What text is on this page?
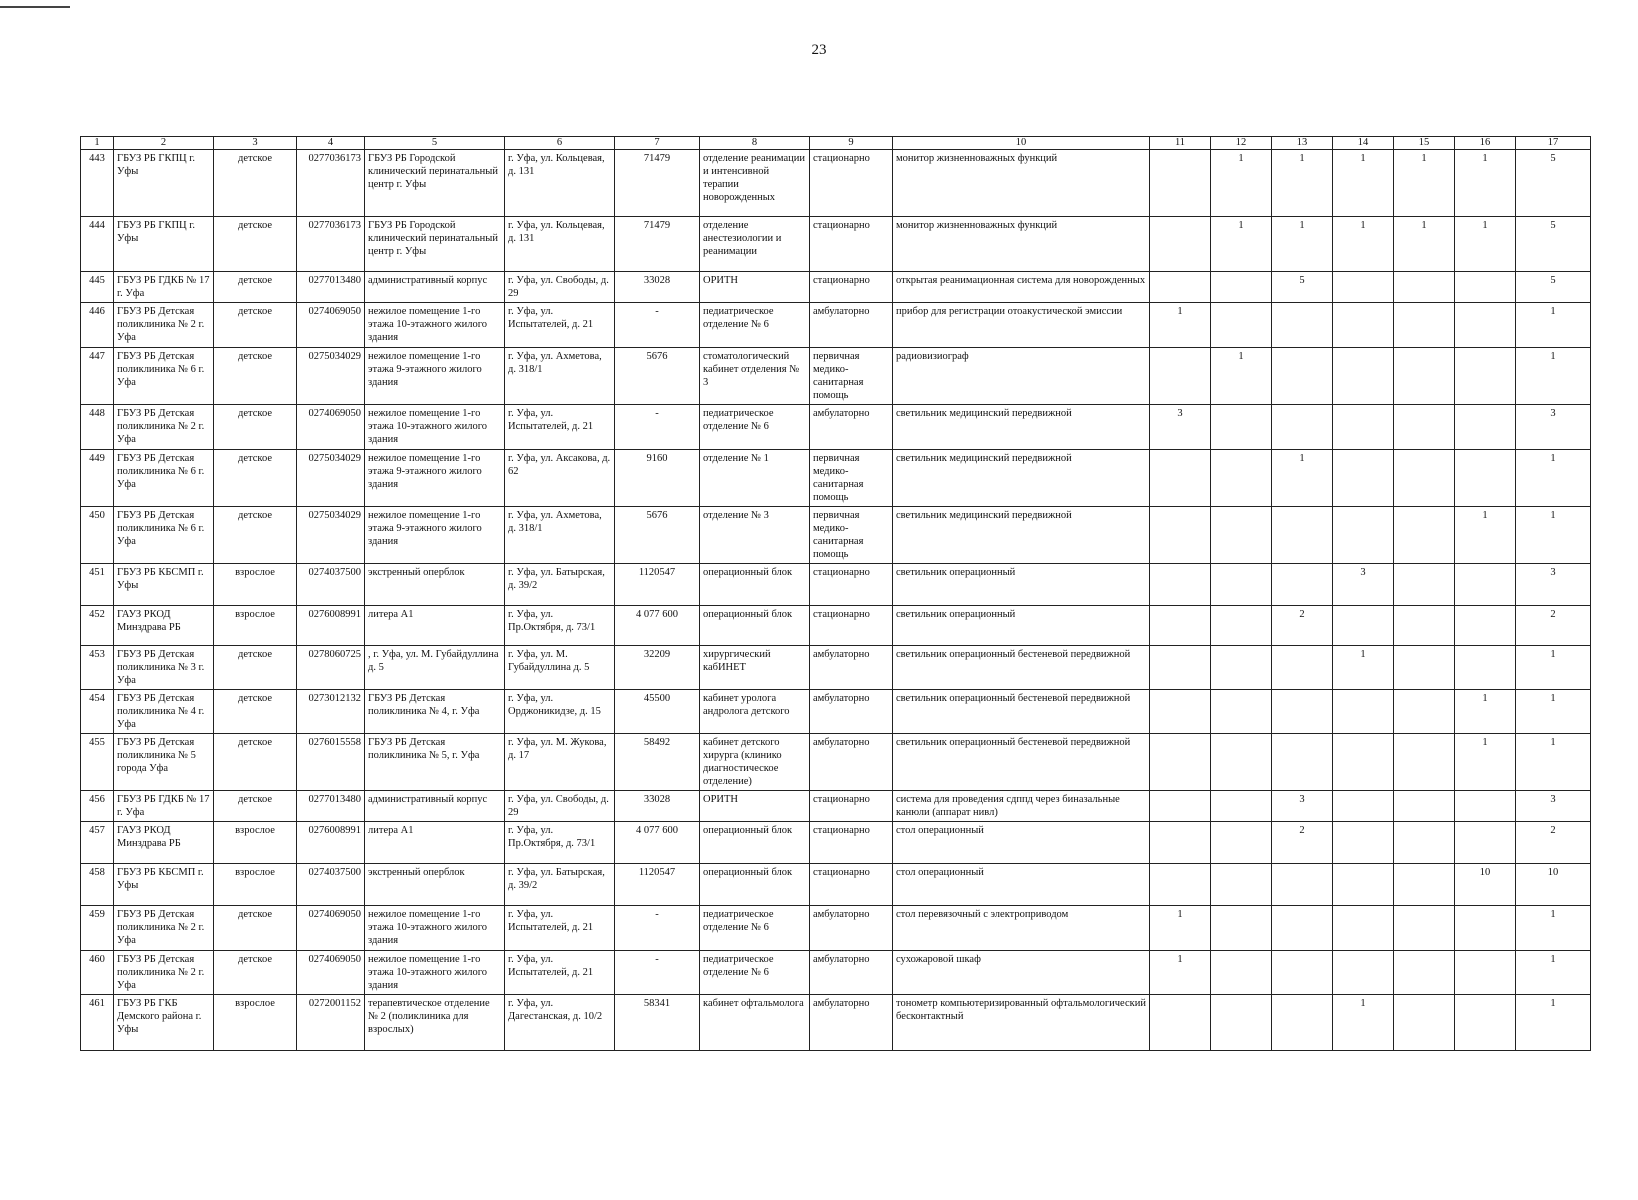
23
1	2	3	4	5	6	7	8	9	10	11	12	13	14	15	16	17
443	ГБУЗ РБ ГКПЦ г. Уфы	детское	0277036173	ГБУЗ РБ Городской клинический перинатальный центр г. Уфы	г. Уфа, ул. Кольцевая, д. 131	71479	отделение реанимации и интенсивной терапии новорожденных	стационарно	монитор жизненноважных функций		1	1	1	1	1	5
444	ГБУЗ РБ ГКПЦ г. Уфы	детское	0277036173	ГБУЗ РБ Городской клинический перинатальный центр г. Уфы	г. Уфа, ул. Кольцевая, д. 131	71479	отделение анестезиологии и реанимации	стационарно	монитор жизненноважных функций		1	1	1	1	1	5
445	ГБУЗ РБ ГДКБ № 17 г. Уфа	детское	0277013480	административный корпус	г. Уфа, ул. Свободы, д. 29	33028	ОРИТН	стационарно	открытая реанимационная система для новорожденных			5				5
446	ГБУЗ РБ Детская поликлиника № 2 г. Уфа	детское	0274069050	нежилое помещение 1-го этажа 10-этажного жилого здания	г. Уфа, ул. Испытателей, д. 21	-	педиатрическое отделение № 6	амбулаторно	прибор для регистрации отоакустической эмиссии	1						1
447	ГБУЗ РБ Детская поликлиника № 6 г. Уфа	детское	0275034029	нежилое помещение 1-го этажа 9-этажного жилого здания	г. Уфа, ул. Ахметова, д. 318/1	5676	стоматологический кабинет отделения № 3	первичная медико-санитарная помощь	радиовизиограф		1					1
448	ГБУЗ РБ Детская поликлиника № 2 г. Уфа	детское	0274069050	нежилое помещение 1-го этажа 10-этажного жилого здания	г. Уфа, ул. Испытателей, д. 21	-	педиатрическое отделение № 6	амбулаторно	светильник медицинский передвижной	3						3
449	ГБУЗ РБ Детская поликлиника № 6 г. Уфа	детское	0275034029	нежилое помещение 1-го этажа 9-этажного жилого здания	г. Уфа, ул. Аксакова, д. 62	9160	отделение № 1	первичная медико-санитарная помощь	светильник медицинский передвижной			1				1
450	ГБУЗ РБ Детская поликлиника № 6 г. Уфа	детское	0275034029	нежилое помещение 1-го этажа 9-этажного жилого здания	г. Уфа, ул. Ахметова, д. 318/1	5676	отделение № 3	первичная медико-санитарная помощь	светильник медицинский передвижной						1	1
451	ГБУЗ РБ КБСМП г. Уфы	взрослое	0274037500	экстренный оперблок	г. Уфа, ул. Батырская, д. 39/2	1120547	операционный блок	стационарно	светильник операционный				3			3
452	ГАУЗ РКОД Минздрава РБ	взрослое	0276008991	литера А1	г. Уфа, ул. Пр.Октября, д. 73/1	4 077 600	операционный блок	стационарно	светильник операционный			2				2
453	ГБУЗ РБ Детская поликлиника № 3 г. Уфа	детское	0278060725	, г. Уфа, ул. М. Губайдуллина д. 5	г. Уфа, ул. М. Губайдуллина д. 5	32209	хирургический кабИНЕТ	амбулаторно	светильник операционный бестеневой передвижной				1			1
454	ГБУЗ РБ Детская поликлиника № 4 г. Уфа	детское	0273012132	ГБУЗ РБ Детская поликлиника № 4, г. Уфа	г. Уфа, ул. Орджоникидзе, д. 15	45500	кабинет уролога андролога детского	амбулаторно	светильник операционный бестеневой передвижной						1	1
455	ГБУЗ РБ Детская поликлиника № 5 города Уфа	детское	0276015558	ГБУЗ РБ Детская поликлиника № 5, г. Уфа	г. Уфа, ул. М. Жукова, д. 17	58492	кабинет детского хирурга (клинико диагностическое отделение)	амбулаторно	светильник операционный бестеневой передвижной						1	1
456	ГБУЗ РБ ГДКБ № 17 г. Уфа	детское	0277013480	административный корпус	г. Уфа, ул. Свободы, д. 29	33028	ОРИТН	стационарно	система для проведения сдппд через биназальные канюли (аппарат нивл)			3				3
457	ГАУЗ РКОД Минздрава РБ	взрослое	0276008991	литера А1	г. Уфа, ул. Пр.Октября, д. 73/1	4 077 600	операционный блок	стационарно	стол операционный			2				2
458	ГБУЗ РБ КБСМП г. Уфы	взрослое	0274037500	экстренный оперблок	г. Уфа, ул. Батырская, д. 39/2	1120547	операционный блок	стационарно	стол операционный						10	10
459	ГБУЗ РБ Детская поликлиника № 2 г. Уфа	детское	0274069050	нежилое помещение 1-го этажа 10-этажного жилого здания	г. Уфа, ул. Испытателей, д. 21	-	педиатрическое отделение № 6	амбулаторно	стол перевязочный с электроприводом	1						1
460	ГБУЗ РБ Детская поликлиника № 2 г. Уфа	детское	0274069050	нежилое помещение 1-го этажа 10-этажного жилого здания	г. Уфа, ул. Испытателей, д. 21	-	педиатрическое отделение № 6	амбулаторно	сухожаровой шкаф	1						1
461	ГБУЗ РБ ГКБ Демского района г. Уфы	взрослое	0272001152	терапевтическое отделение № 2 (поликлиника для взрослых)	г. Уфа, ул. Дагестанская, д. 10/2	58341	кабинет офтальмолога	амбулаторно	тонометр компьютеризированный офтальмологический бесконтактный				1			1
